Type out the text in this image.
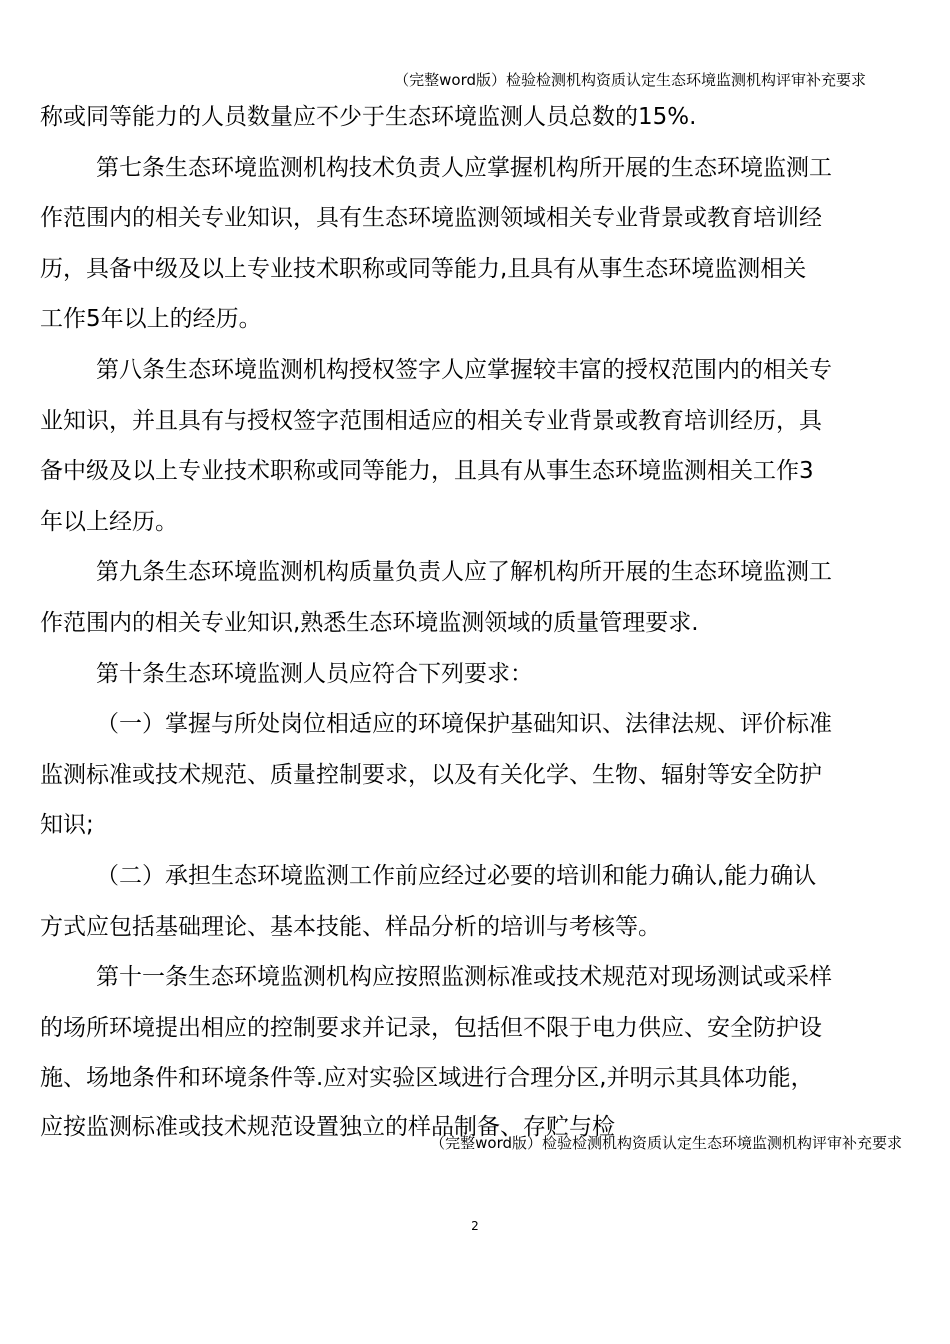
（完整word版）检验检测机构资质认定生态环境监测机构评审补充要求
称或同等能力的人员数量应不少于生态环境监测人员总数的15%.
第七条生态环境监测机构技术负责人应掌握机构所开展的生态环境监测工
作范围内的相关专业知识，具有生态环境监测领域相关专业背景或教育培训经
历，具备中级及以上专业技术职称或同等能力,且具有从事生态环境监测相关
工作5年以上的经历。
第八条生态环境监测机构授权签字人应掌握较丰富的授权范围内的相关专
业知识，并且具有与授权签字范围相适应的相关专业背景或教育培训经历，具
备中级及以上专业技术职称或同等能力，且具有从事生态环境监测相关工作3
年以上经历。
第九条生态环境监测机构质量负责人应了解机构所开展的生态环境监测工
作范围内的相关专业知识,熟悉生态环境监测领域的质量管理要求.
第十条生态环境监测人员应符合下列要求：
（一）掌握与所处岗位相适应的环境保护基础知识、法律法规、评价标准
监测标准或技术规范、质量控制要求，以及有关化学、生物、辐射等安全防护
知识;
（二）承担生态环境监测工作前应经过必要的培训和能力确认,能力确认
方式应包括基础理论、基本技能、样品分析的培训与考核等。
第十一条生态环境监测机构应按照监测标准或技术规范对现场测试或采样
的场所环境提出相应的控制要求并记录，包括但不限于电力供应、安全防护设
施、场地条件和环境条件等.应对实验区域进行合理分区,并明示其具体功能，
应按监测标准或技术规范设置独立的样品制备、存贮与检
（完整word版）检验检测机构资质认定生态环境监测机构评审补充要求
2
